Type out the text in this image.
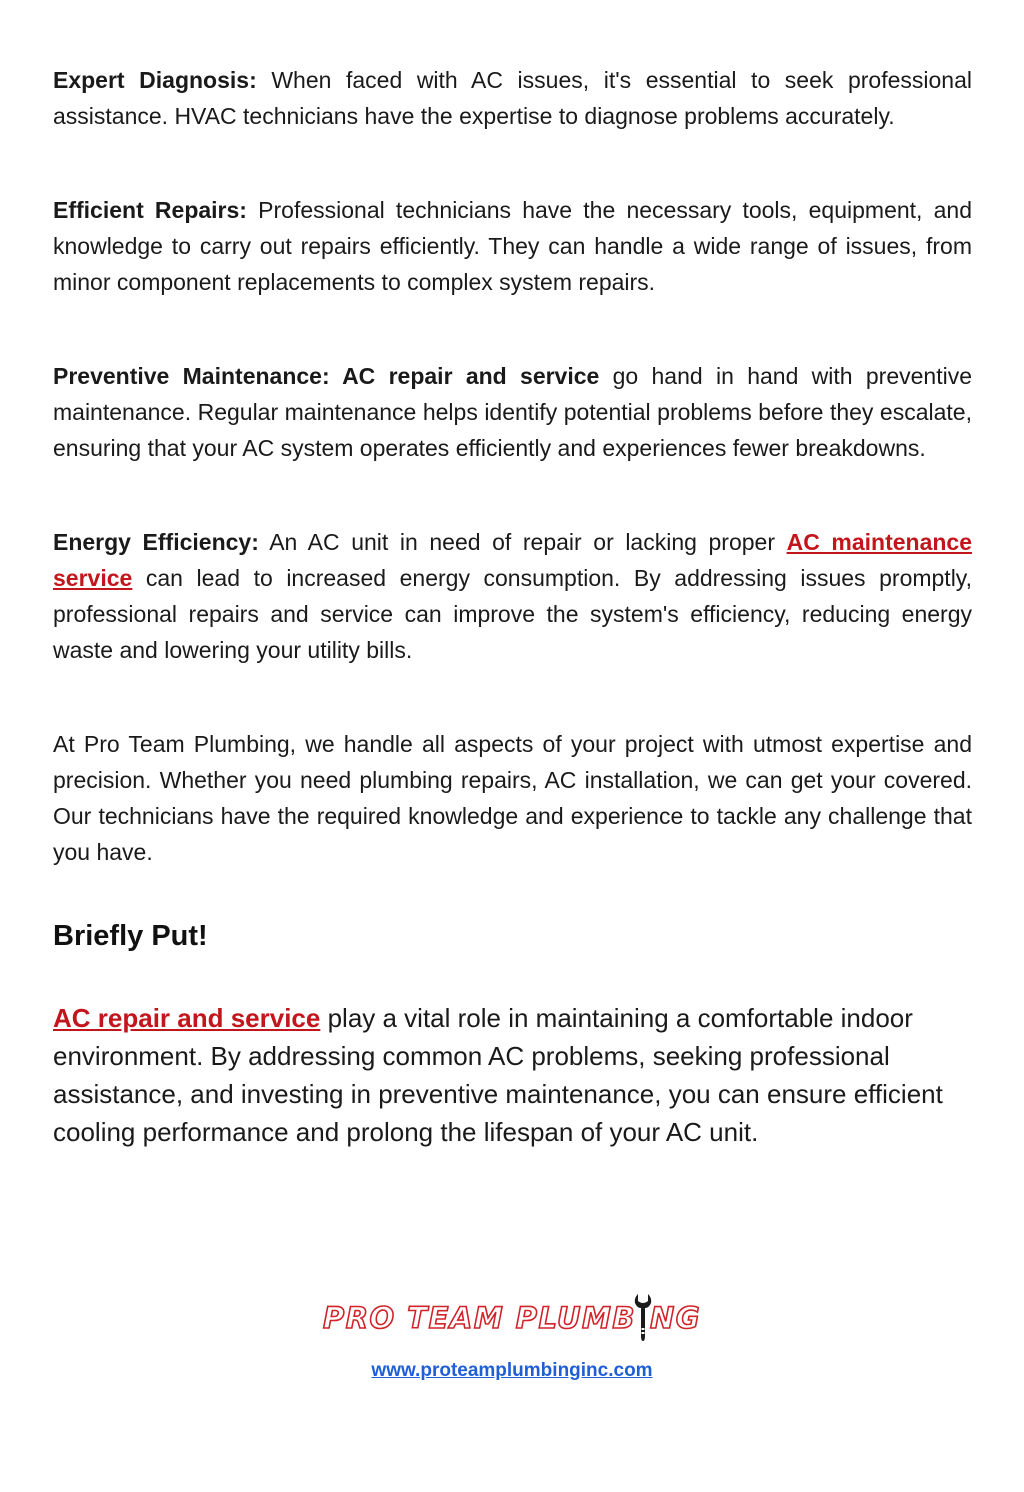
Expert Diagnosis: When faced with AC issues, it's essential to seek professional assistance. HVAC technicians have the expertise to diagnose problems accurately.

Efficient Repairs: Professional technicians have the necessary tools, equipment, and knowledge to carry out repairs efficiently. They can handle a wide range of issues, from minor component replacements to complex system repairs.

Preventive Maintenance: AC repair and service go hand in hand with preventive maintenance. Regular maintenance helps identify potential problems before they escalate, ensuring that your AC system operates efficiently and experiences fewer breakdowns.

Energy Efficiency: An AC unit in need of repair or lacking proper AC maintenance service can lead to increased energy consumption. By addressing issues promptly, professional repairs and service can improve the system's efficiency, reducing energy waste and lowering your utility bills.

At Pro Team Plumbing, we handle all aspects of your project with utmost expertise and precision. Whether you need plumbing repairs, AC installation, we can get your covered. Our technicians have the required knowledge and experience to tackle any challenge that you have.

Briefly Put!

AC repair and service play a vital role in maintaining a comfortable indoor environment. By addressing common AC problems, seeking professional assistance, and investing in preventive maintenance, you can ensure efficient cooling performance and prolong the lifespan of your AC unit.

PRO TEAM PLUMB NG
www.proteamplumbinginc.com
